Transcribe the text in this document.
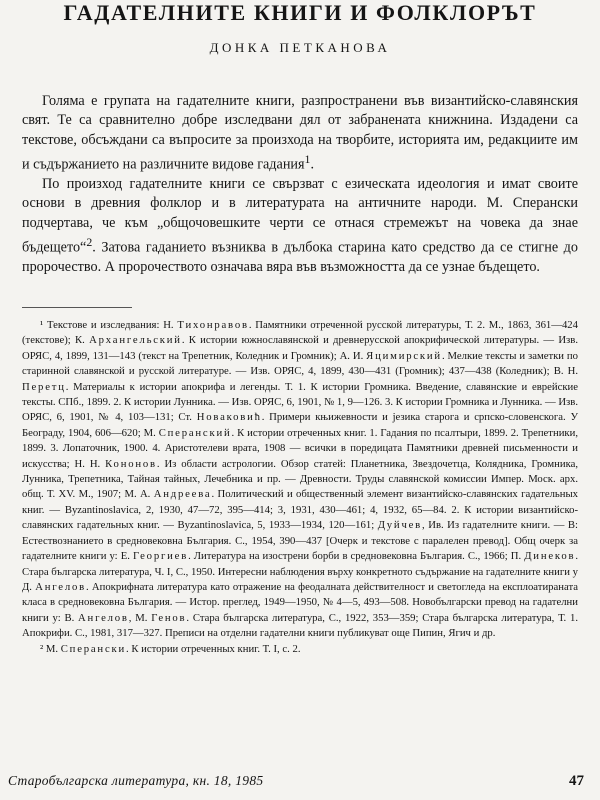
ГАДАТЕЛНИТЕ КНИГИ И ФОЛКЛОРЪТ
ДОНКА ПЕТКАНОВА

Голяма е групата на гадателните книги, разпространени във византийско-славянския свят. Те са сравнително добре изследвани дял от забранената книжнина. Издадени са текстове, обсъждани са въпросите за произхода на творбите, историята им, редакциите им и съдържанието на различните видове гадания$^1$.

По произход гадателните книги се свързват с езическата идеология и имат своите основи в древния фолклор и в литературата на античните народи. М. Сперански подчертава, че към „общочовешките черти се отнася стремежът на човека да знае бъдещето“$^2$. Затова гаданието възниква в дълбока старина като средство да се стигне до пророчество. А пророчеството означава вяра във възможността да се узнае бъдещето.

¹ Текстове и изследвания: Н. Тихонравов. Памятники отреченной русской литературы, Т. 2. М., 1863, 361—424 (текстове); К. Архангельский. К истории южнославянской и древнерусской апокрифической литературы. — Изв. ОРЯС, 4, 1899, 131—143 (текст на Трепетник, Коледник и Громник); А. И. Яцимирский. Мелкие тексты и заметки по старинной славянской и русской литературе. — Изв. ОРЯС, 4, 1899, 430—431 (Громник); 437—438 (Коледник); В. Н. Перетц. Материалы к истории апокрифа и легенды. Т. 1. К истории Громника. Введение, славянские и еврейские тексты. СПб., 1899. 2. К истории Лунника. — Изв. ОРЯС, 6, 1901, № 1, 9—126. 3. К истории Громника и Лунника. — Изв. ОРЯС, 6, 1901, № 4, 103—131; Ст. Новаковић. Примери књижевности и језика старога и српско-словенскога. У Београду, 1904, 606—620; М. Сперанский. К истории отреченных книг. 1. Гадания по псалтыри, 1899. 2. Трепетники, 1899. 3. Лопаточник, 1900. 4. Аристотелеви врата, 1908 — всички в поредицата Памятники древней письменности и искусства; Н. Н. Кононов. Из области астрологии. Обзор статей: Планетника, Звездочетца, Колядника, Громника, Лунника, Трепетника, Тайная тайных, Лечебника и пр. — Древности. Труды славянской комиссии Импер. Моск. арх. общ. Т. XV. М., 1907; М. А. Андреева. Политический и общественный элемент византийско-славянских гадательных книг. — Byzantinoslavica, 2, 1930, 47—72, 395—414; 3, 1931, 430—461; 4, 1932, 65—84. 2. К истории византийско-славянских гадательных книг. — Byzantinoslavica, 5, 1933—1934, 120—161; Дуйчев, Ив. Из гадателните книги. — В: Естествознанието в средновековна България. С., 1954, 390—437 [Очерк и текстове с паралелен превод]. Общ очерк за гадателните книги у: Е. Георгиев. Литература на изострени борби в средновековна България. С., 1966; П. Динеков. Стара българска литература, Ч. I, С., 1950. Интересни наблюдения върху конкретното съдържание на гадателните книги у Д. Ангелов. Апокрифната литература като отражение на феодалната действителност и светогледа на експлоатираната класа в средновековна България. — Истор. преглед, 1949—1950, № 4—5, 493—508. Новобългарски превод на гадателни книги у: В. Ангелов, М. Генов. Стара българска литература, С., 1922, 353—359; Стара българска литература, Т. 1. Апокрифи. С., 1981, 317—327. Преписи на отделни гадателни книги публикуват още Пипин, Ягич и др.

² М. Сперански. К истории отреченных книг. Т. I, с. 2.

Старобългарска литература, кн. 18, 1985	47
